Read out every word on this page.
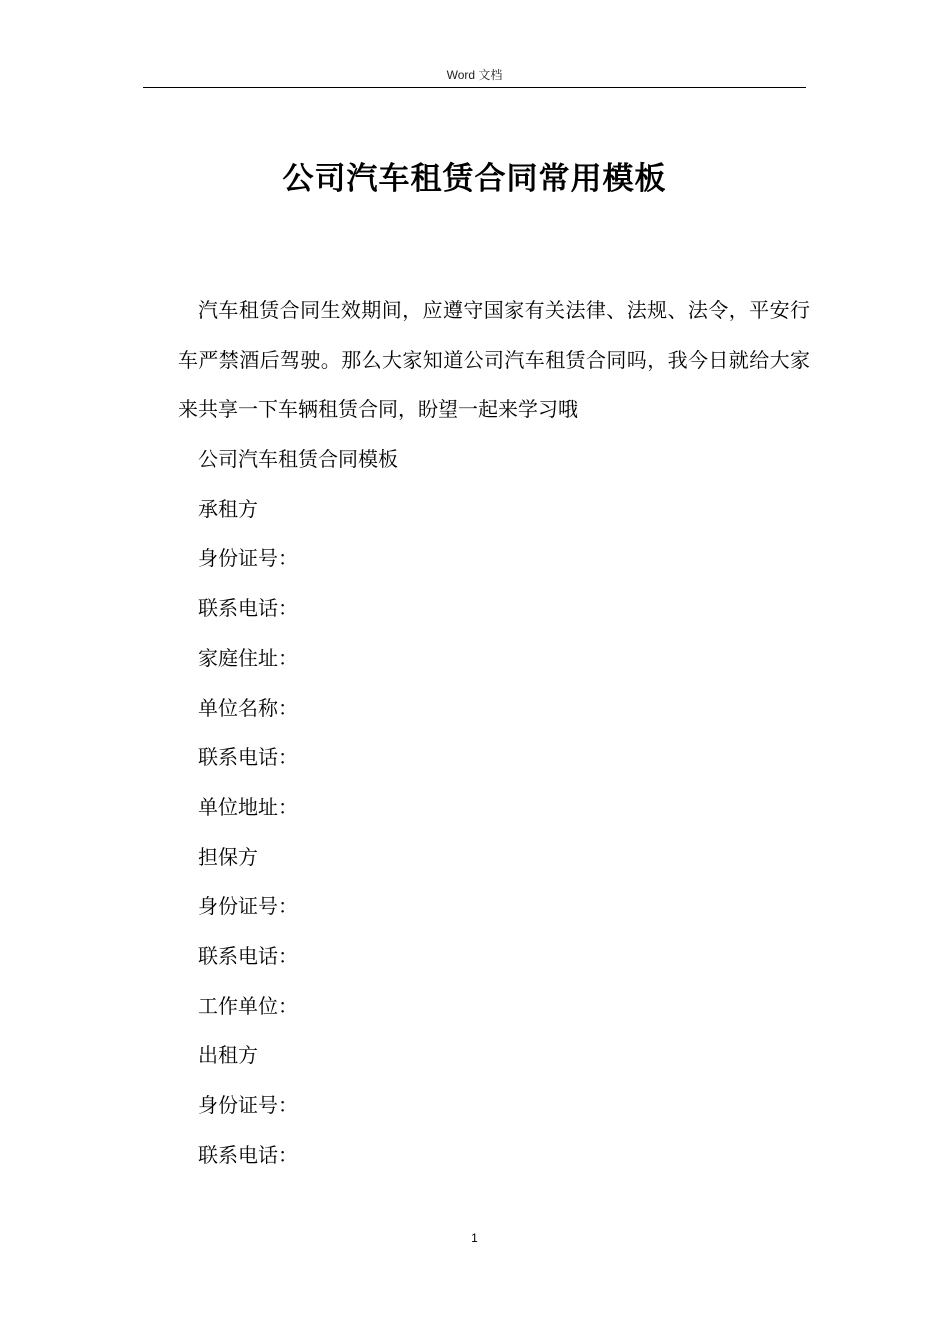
Word 文档
公司汽车租赁合同常用模板

汽车租赁合同生效期间，应遵守国家有关法律、法规、法令，平安行车严禁酒后驾驶。那么大家知道公司汽车租赁合同吗，我今日就给大家来共享一下车辆租赁合同，盼望一起来学习哦

公司汽车租赁合同模板
承租方
身份证号：
联系电话：
家庭住址：
单位名称：
联系电话：
单位地址：
担保方
身份证号：
联系电话：
工作单位：
出租方
身份证号：
联系电话：
1
